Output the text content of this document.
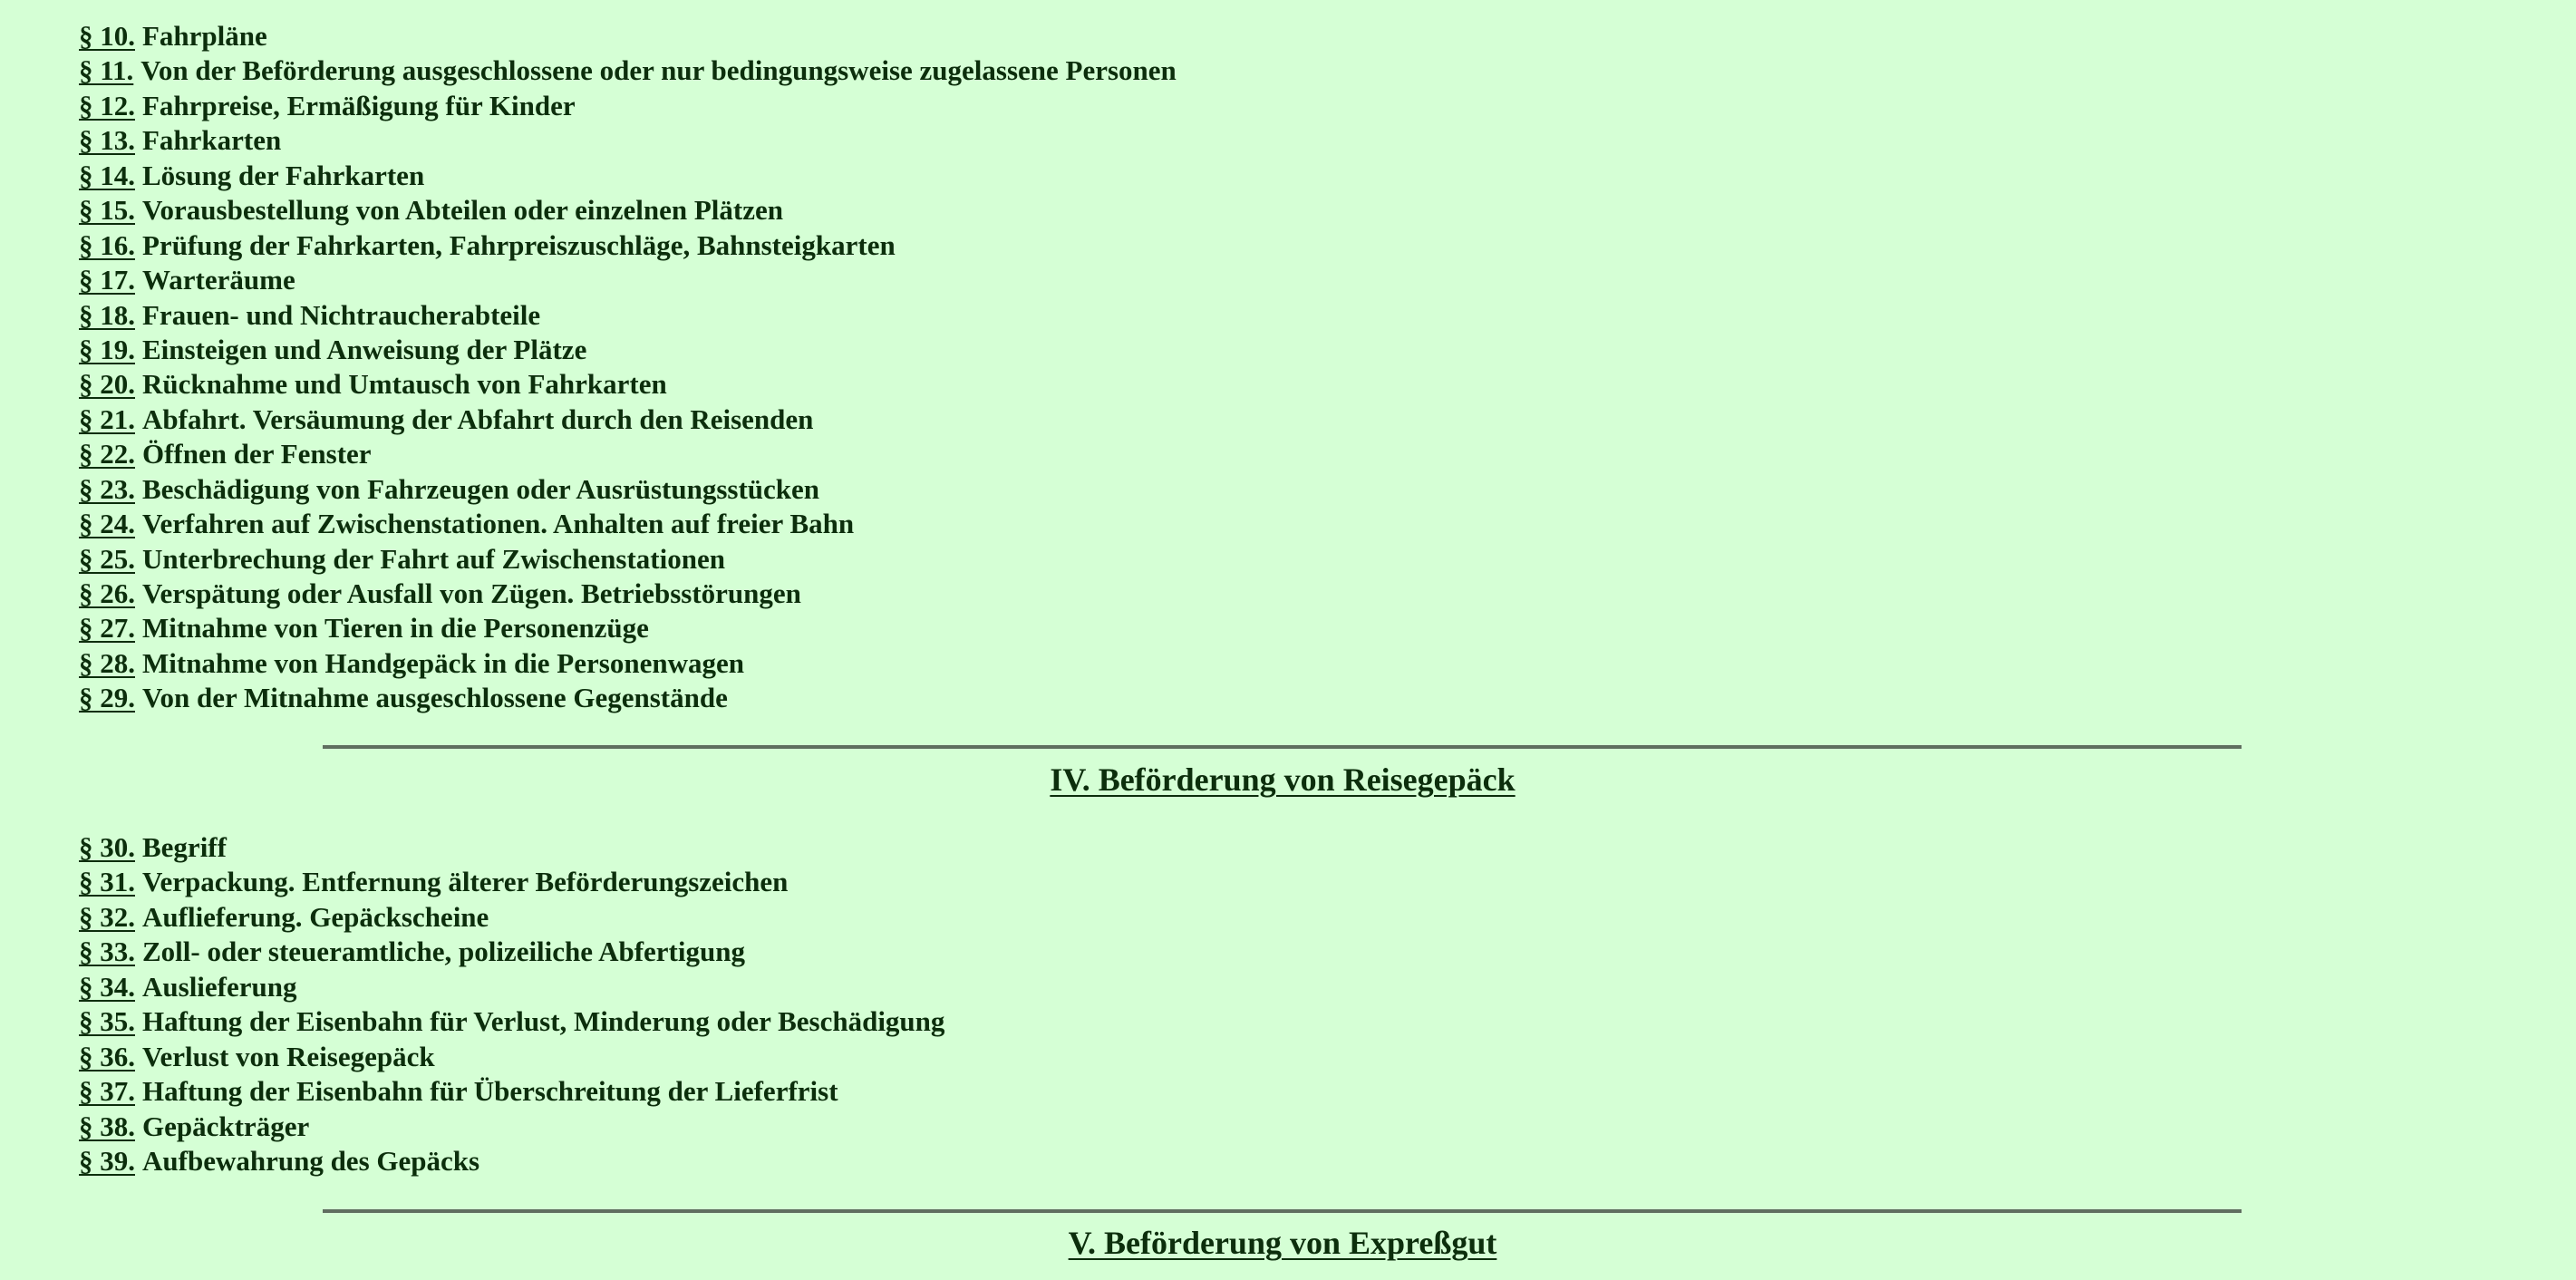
§ 10. Fahrpläne
§ 11. Von der Beförderung ausgeschlossene oder nur bedingungsweise zugelassene Personen
§ 12. Fahrpreise, Ermäßigung für Kinder
§ 13. Fahrkarten
§ 14. Lösung der Fahrkarten
§ 15. Vorausbestellung von Abteilen oder einzelnen Plätzen
§ 16. Prüfung der Fahrkarten, Fahrpreiszuschläge, Bahnsteigkarten
§ 17. Warteräume
§ 18. Frauen- und Nichtraucherabteile
§ 19. Einsteigen und Anweisung der Plätze
§ 20. Rücknahme und Umtausch von Fahrkarten
§ 21. Abfahrt. Versäumung der Abfahrt durch den Reisenden
§ 22. Öffnen der Fenster
§ 23. Beschädigung von Fahrzeugen oder Ausrüstungsstücken
§ 24. Verfahren auf Zwischenstationen. Anhalten auf freier Bahn
§ 25. Unterbrechung der Fahrt auf Zwischenstationen
§ 26. Verspätung oder Ausfall von Zügen. Betriebsstörungen
§ 27. Mitnahme von Tieren in die Personenzüge
§ 28. Mitnahme von Handgepäck in die Personenwagen
§ 29. Von der Mitnahme ausgeschlossene Gegenstände
IV. Beförderung von Reisegepäck
§ 30. Begriff
§ 31. Verpackung. Entfernung älterer Beförderungszeichen
§ 32. Auflieferung. Gepäckscheine
§ 33. Zoll- oder steueramtliche, polizeiliche Abfertigung
§ 34. Auslieferung
§ 35. Haftung der Eisenbahn für Verlust, Minderung oder Beschädigung
§ 36. Verlust von Reisegepäck
§ 37. Haftung der Eisenbahn für Überschreitung der Lieferfrist
§ 38. Gepäckträger
§ 39. Aufbewahrung des Gepäcks
V. Beförderung von Expreßgut
